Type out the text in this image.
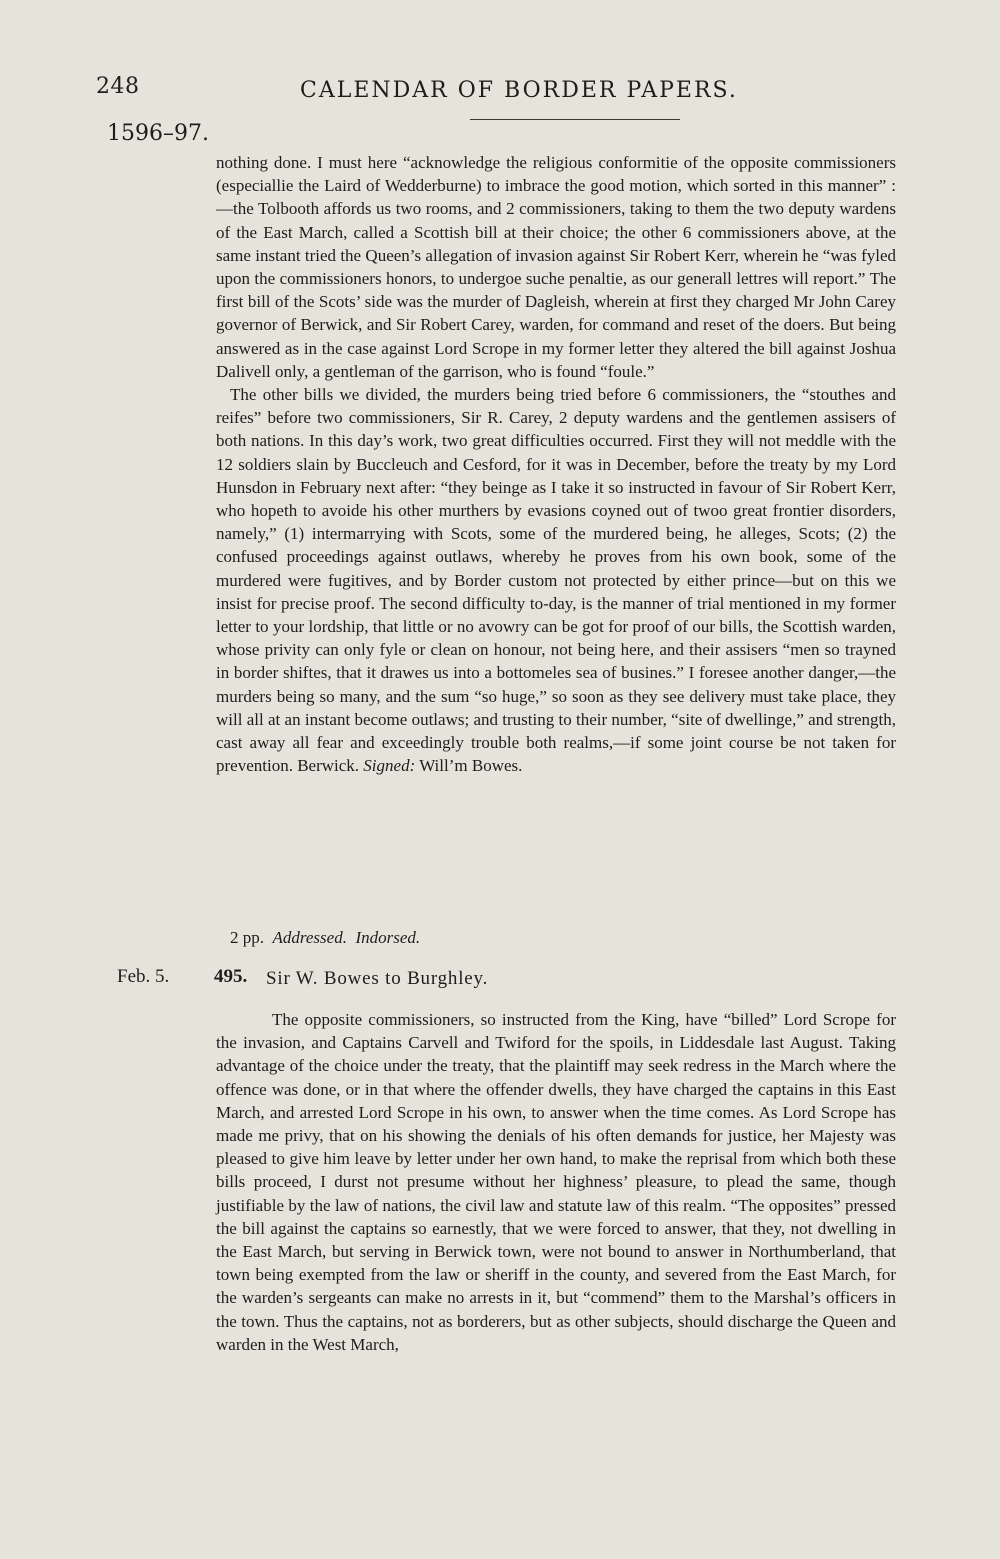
248	CALENDAR OF BORDER PAPERS.
1596–97.

nothing done. I must here “acknowledge the religious conformitie of the opposite commissioners (especiallie the Laird of Wedderburne) to imbrace the good motion, which sorted in this manner” :—the Tolbooth affords us two rooms, and 2 commissioners, taking to them the two deputy wardens of the East March, called a Scottish bill at their choice; the other 6 commissioners above, at the same instant tried the Queen’s allegation of invasion against Sir Robert Kerr, wherein he “was fyled upon the commissioners honors, to undergoe suche penaltie, as our generall lettres will report.” The first bill of the Scots’ side was the murder of Dagleish, wherein at first they charged Mr John Carey governor of Berwick, and Sir Robert Carey, warden, for command and reset of the doers. But being answered as in the case against Lord Scrope in my former letter they altered the bill against Joshua Dalivell only, a gentleman of the garrison, who is found “foule.”

The other bills we divided, the murders being tried before 6 commissioners, the “stouthes and reifes” before two commissioners, Sir R. Carey, 2 deputy wardens and the gentlemen assisers of both nations. In this day’s work, two great difficulties occurred. First they will not meddle with the 12 soldiers slain by Buccleuch and Cesford, for it was in December, before the treaty by my Lord Hunsdon in February next after: “they beinge as I take it so instructed in favour of Sir Robert Kerr, who hopeth to avoide his other murthers by evasions coyned out of twoo great frontier disorders, namely,” (1) intermarrying with Scots, some of the murdered being, he alleges, Scots; (2) the confused proceedings against outlaws, whereby he proves from his own book, some of the murdered were fugitives, and by Border custom not protected by either prince—but on this we insist for precise proof. The second difficulty to-day, is the manner of trial mentioned in my former letter to your lordship, that little or no avowry can be got for proof of our bills, the Scottish warden, whose privity can only fyle or clean on honour, not being here, and their assisers “men so trayned in border shiftes, that it drawes us into a bottomeles sea of busines.” I foresee another danger,—the murders being so many, and the sum “so huge,” so soon as they see delivery must take place, they will all at an instant become outlaws; and trusting to their number, “site of dwellinge,” and strength, cast away all fear and exceedingly trouble both realms,—if some joint course be not taken for prevention. Berwick. Signed: Will’m Bowes.

2 pp. Addressed. Indorsed.
Feb. 5. 495. Sir W. Bowes to Burghley.

The opposite commissioners, so instructed from the King, have “billed” Lord Scrope for the invasion, and Captains Carvell and Twiford for the spoils, in Liddesdale last August. Taking advantage of the choice under the treaty, that the plaintiff may seek redress in the March where the offence was done, or in that where the offender dwells, they have charged the captains in this East March, and arrested Lord Scrope in his own, to answer when the time comes. As Lord Scrope has made me privy, that on his showing the denials of his often demands for justice, her Majesty was pleased to give him leave by letter under her own hand, to make the reprisal from which both these bills proceed, I durst not presume without her highness’ pleasure, to plead the same, though justifiable by the law of nations, the civil law and statute law of this realm. “The opposites” pressed the bill against the captains so earnestly, that we were forced to answer, that they, not dwelling in the East March, but serving in Berwick town, were not bound to answer in Northumberland, that town being exempted from the law or sheriff in the county, and severed from the East March, for the warden’s sergeants can make no arrests in it, but “commend” them to the Marshal’s officers in the town. Thus the captains, not as borderers, but as other subjects, should discharge the Queen and warden in the West March,
